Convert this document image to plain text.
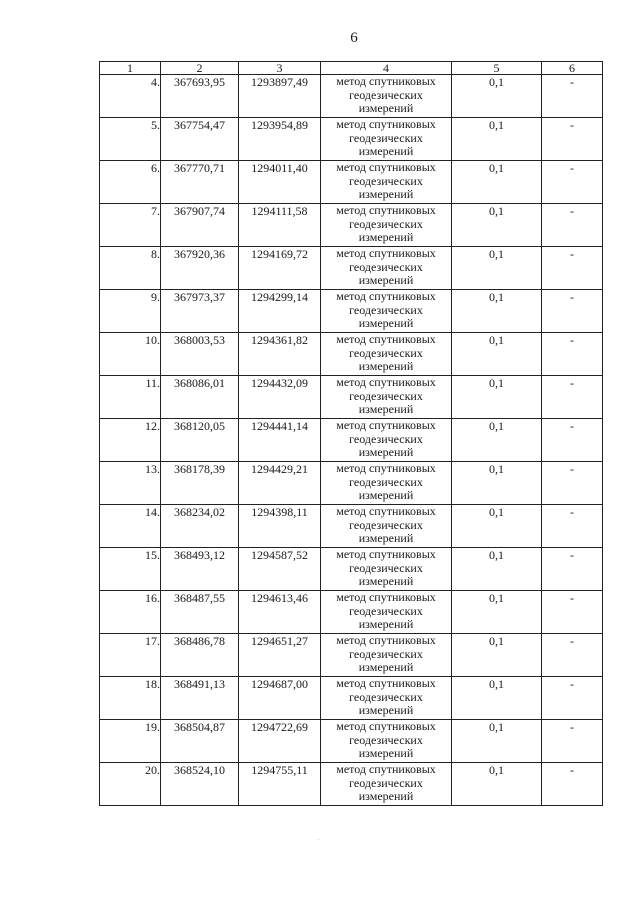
6
1	2	3	4	5	6
4.	367693,95	1293897,49	метод спутниковых
геодезических
измерений	0,1	-
5.	367754,47	1293954,89	метод спутниковых
геодезических
измерений	0,1	-
6.	367770,71	1294011,40	метод спутниковых
геодезических
измерений	0,1	-
7.	367907,74	1294111,58	метод спутниковых
геодезических
измерений	0,1	-
8.	367920,36	1294169,72	метод спутниковых
геодезических
измерений	0,1	-
9.	367973,37	1294299,14	метод спутниковых
геодезических
измерений	0,1	-
10.	368003,53	1294361,82	метод спутниковых
геодезических
измерений	0,1	-
11.	368086,01	1294432,09	метод спутниковых
геодезических
измерений	0,1	-
12.	368120,05	1294441,14	метод спутниковых
геодезических
измерений	0,1	-
13.	368178,39	1294429,21	метод спутниковых
геодезических
измерений	0,1	-
14.	368234,02	1294398,11	метод спутниковых
геодезических
измерений	0,1	-
15.	368493,12	1294587,52	метод спутниковых
геодезических
измерений	0,1	-
16.	368487,55	1294613,46	метод спутниковых
геодезических
измерений	0,1	-
17.	368486,78	1294651,27	метод спутниковых
геодезических
измерений	0,1	-
18.	368491,13	1294687,00	метод спутниковых
геодезических
измерений	0,1	-
19.	368504,87	1294722,69	метод спутниковых
геодезических
измерений	0,1	-
20.	368524,10	1294755,11	метод спутниковых
геодезических
измерений	0,1	-
.
